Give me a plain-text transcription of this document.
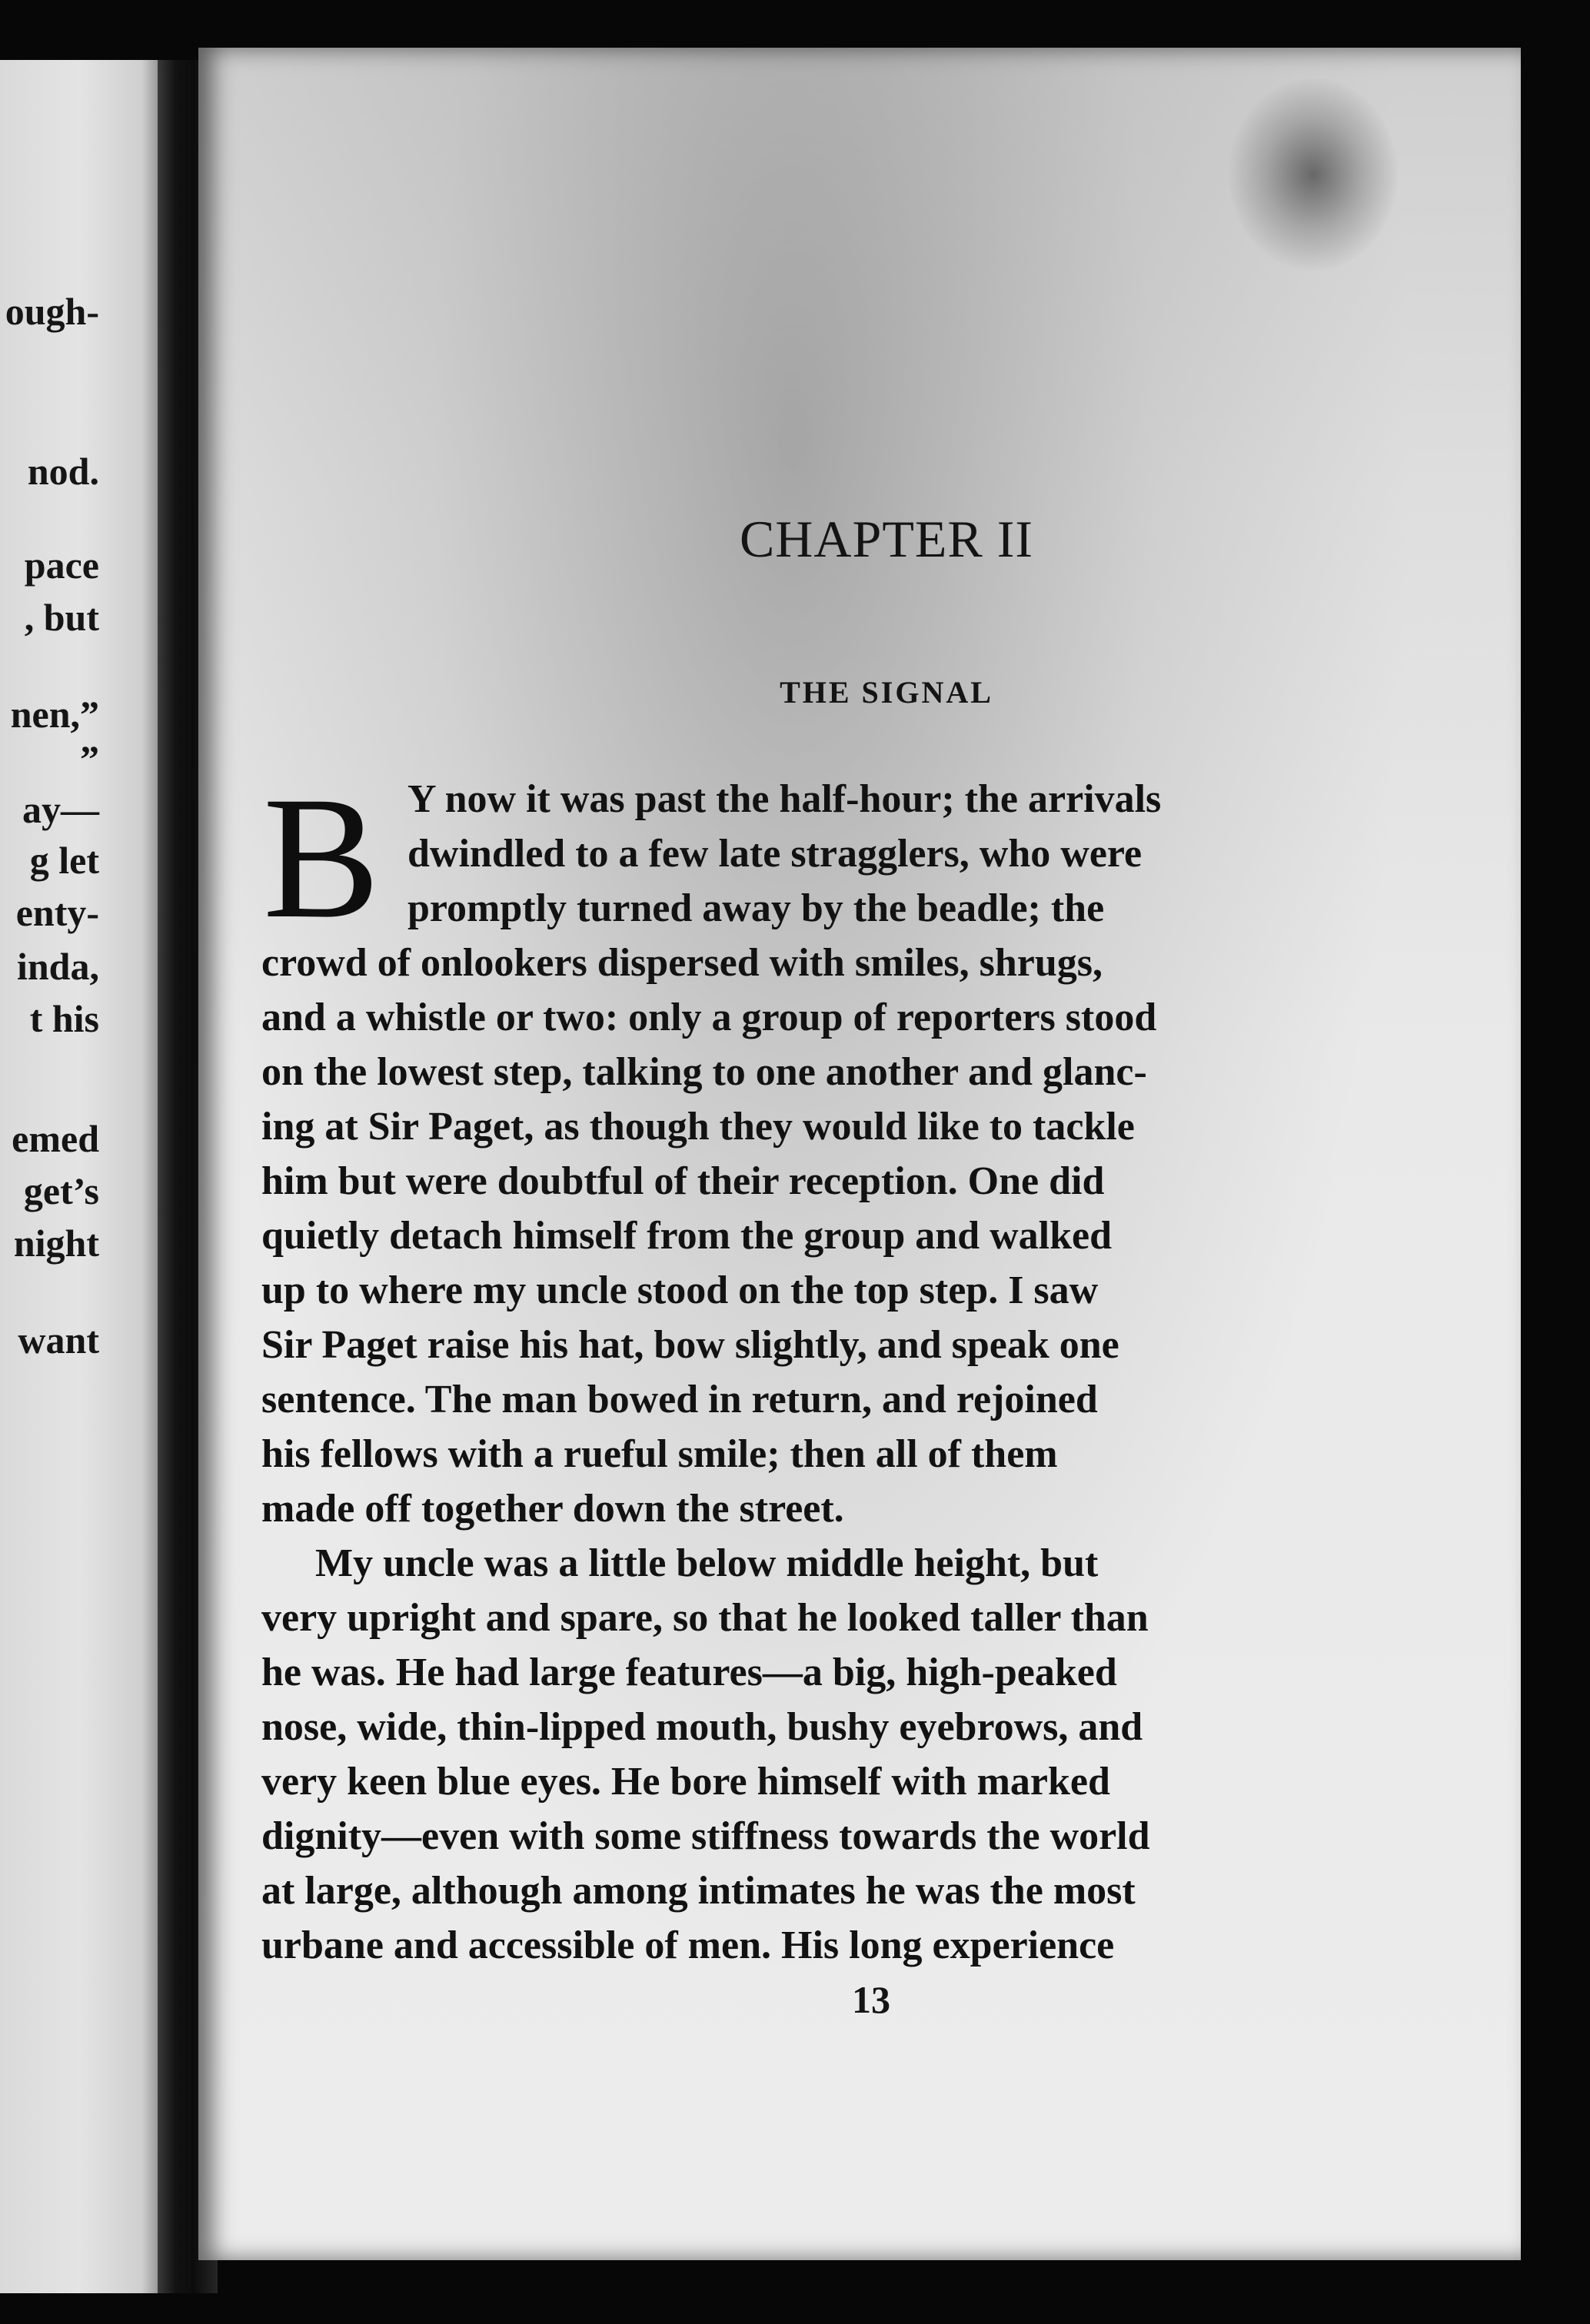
ough-

nod.

pace

, but

nen,”

”

ay—

g let

enty-

inda,

t his

emed

get’s

night

want

CHAPTER II
THE SIGNAL
B Y now it was past the half-hour; the arrivals
dwindled to a few late stragglers, who were
promptly turned away by the beadle; the
crowd of onlookers dispersed with smiles, shrugs,
and a whistle or two: only a group of reporters stood
on the lowest step, talking to one another and glanc-
ing at Sir Paget, as though they would like to tackle
him but were doubtful of their reception. One did
quietly detach himself from the group and walked
up to where my uncle stood on the top step. I saw
Sir Paget raise his hat, bow slightly, and speak one
sentence. The man bowed in return, and rejoined
his fellows with a rueful smile; then all of them
made off together down the street.
My uncle was a little below middle height, but
very upright and spare, so that he looked taller than
he was. He had large features—a big, high-peaked
nose, wide, thin-lipped mouth, bushy eyebrows, and
very keen blue eyes. He bore himself with marked
dignity—even with some stiffness towards the world
at large, although among intimates he was the most
urbane and accessible of men. His long experience

13
